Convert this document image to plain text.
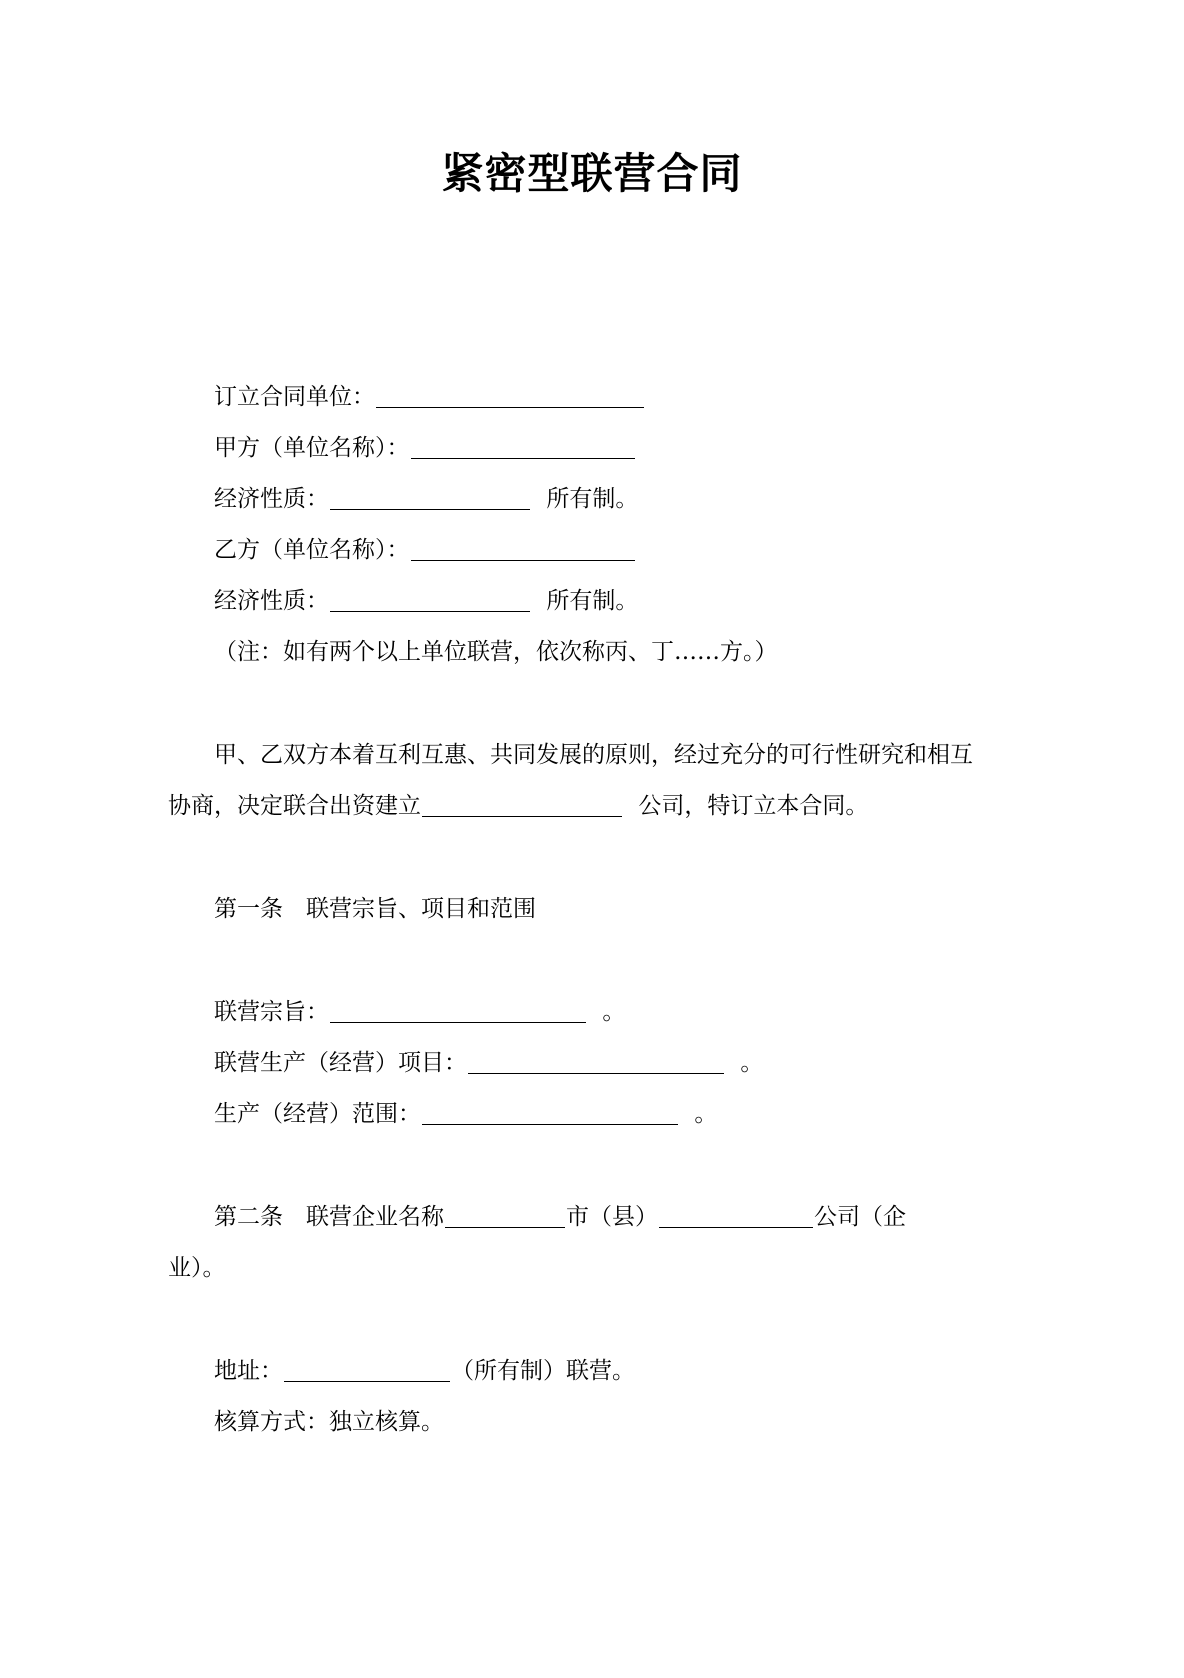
紧密型联营合同
订立合同单位：
甲方（单位名称）：
经济性质：	所有制。
乙方（单位名称）：
经济性质：	所有制。
（注：如有两个以上单位联营，依次称丙、丁……方。）
甲、乙双方本着互利互惠、共同发展的原则，经过充分的可行性研究和相互
协商，决定联合出资建立	公司，特订立本合同。
第一条　联营宗旨、项目和范围
联营宗旨：	。
联营生产（经营）项目：	。
生产（经营）范围：	。
第二条　联营企业名称	市（县）	公司（企
业）。
地址：	（所有制）联营。
核算方式：独立核算。
